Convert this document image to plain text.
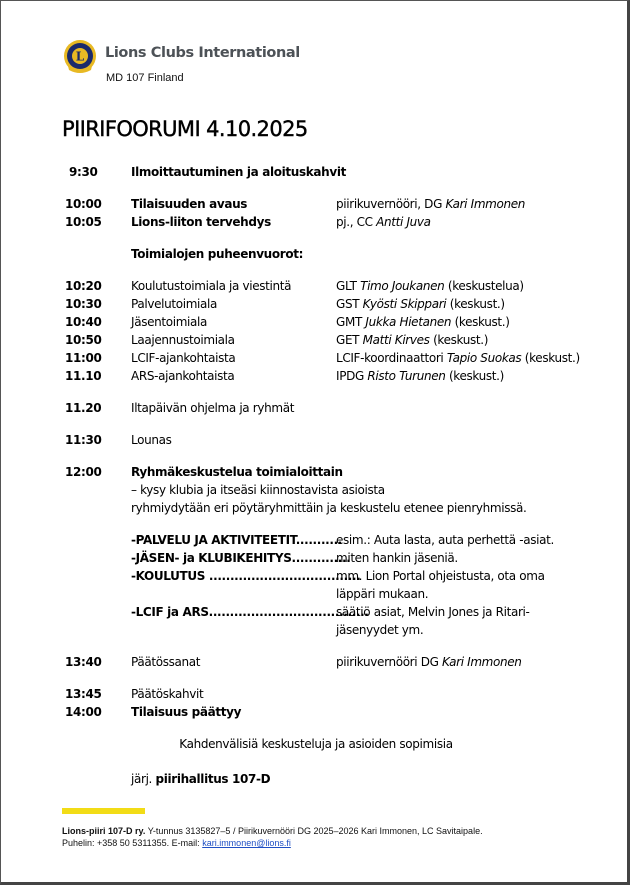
L Lions Clubs International
MD 107 Finland
PIIRIFOORUMI 4.10.2025
9:30	Ilmoittautuminen ja aloituskahvit
10:00 Tilaisuuden avaus	piirikuvernööri, DG Kari Immonen
10:05 Lions-liiton tervehdys	pj., CC Antti Juva
Toimialojen puheenvuorot:
10:20 Koulutustoimiala ja viestintä	GLT Timo Joukanen (keskustelua)
10:30 Palvelutoimiala	GST Kyösti Skippari (keskust.)
10:40 Jäsentoimiala	GMT Jukka Hietanen (keskust.)
10:50 Laajennustoimiala	GET Matti Kirves (keskust.)
11:00 LCIF-ajankohtaista	LCIF-koordinaattori Tapio Suokas (keskust.)
11.10 ARS-ajankohtaista	IPDG Risto Turunen (keskust.)
11.20 Iltapäivän ohjelma ja ryhmät
11:30 Lounas
12:00 Ryhmäkeskustelua toimialoittain
– kysy klubia ja itseäsi kiinnostavista asioista
ryhmiydytään eri pöytäryhmittäin ja keskustelu etenee pienryhmissä.
-PALVELU JA AKTIVITEETIT...........
esim.: Auta lasta, auta perhettä -asiat.
-JÄSEN- ja KLUBIKEHITYS..............
miten hankin jäseniä.
-KOULUTUS ....................................
mm. Lion Portal ohjeistusta, ota oma
läppäri mukaan.
-LCIF ja ARS......................................
säätiö asiat, Melvin Jones ja Ritari-
jäsenyydet ym.
13:40 Päätössanat	piirikuvernööri DG Kari Immonen
13:45 Päätöskahvit
14:00 Tilaisuus päättyy
Kahdenvälisiä keskusteluja ja asioiden sopimisia
järj. piirihallitus 107-D
Lions-piiri 107-D ry. Y-tunnus 3135827–5 / Piirikuvernööri DG 2025–2026 Kari Immonen, LC Savitaipale.
Puhelin: +358 50 5311355. E-mail: kari.immonen@lions.fi
